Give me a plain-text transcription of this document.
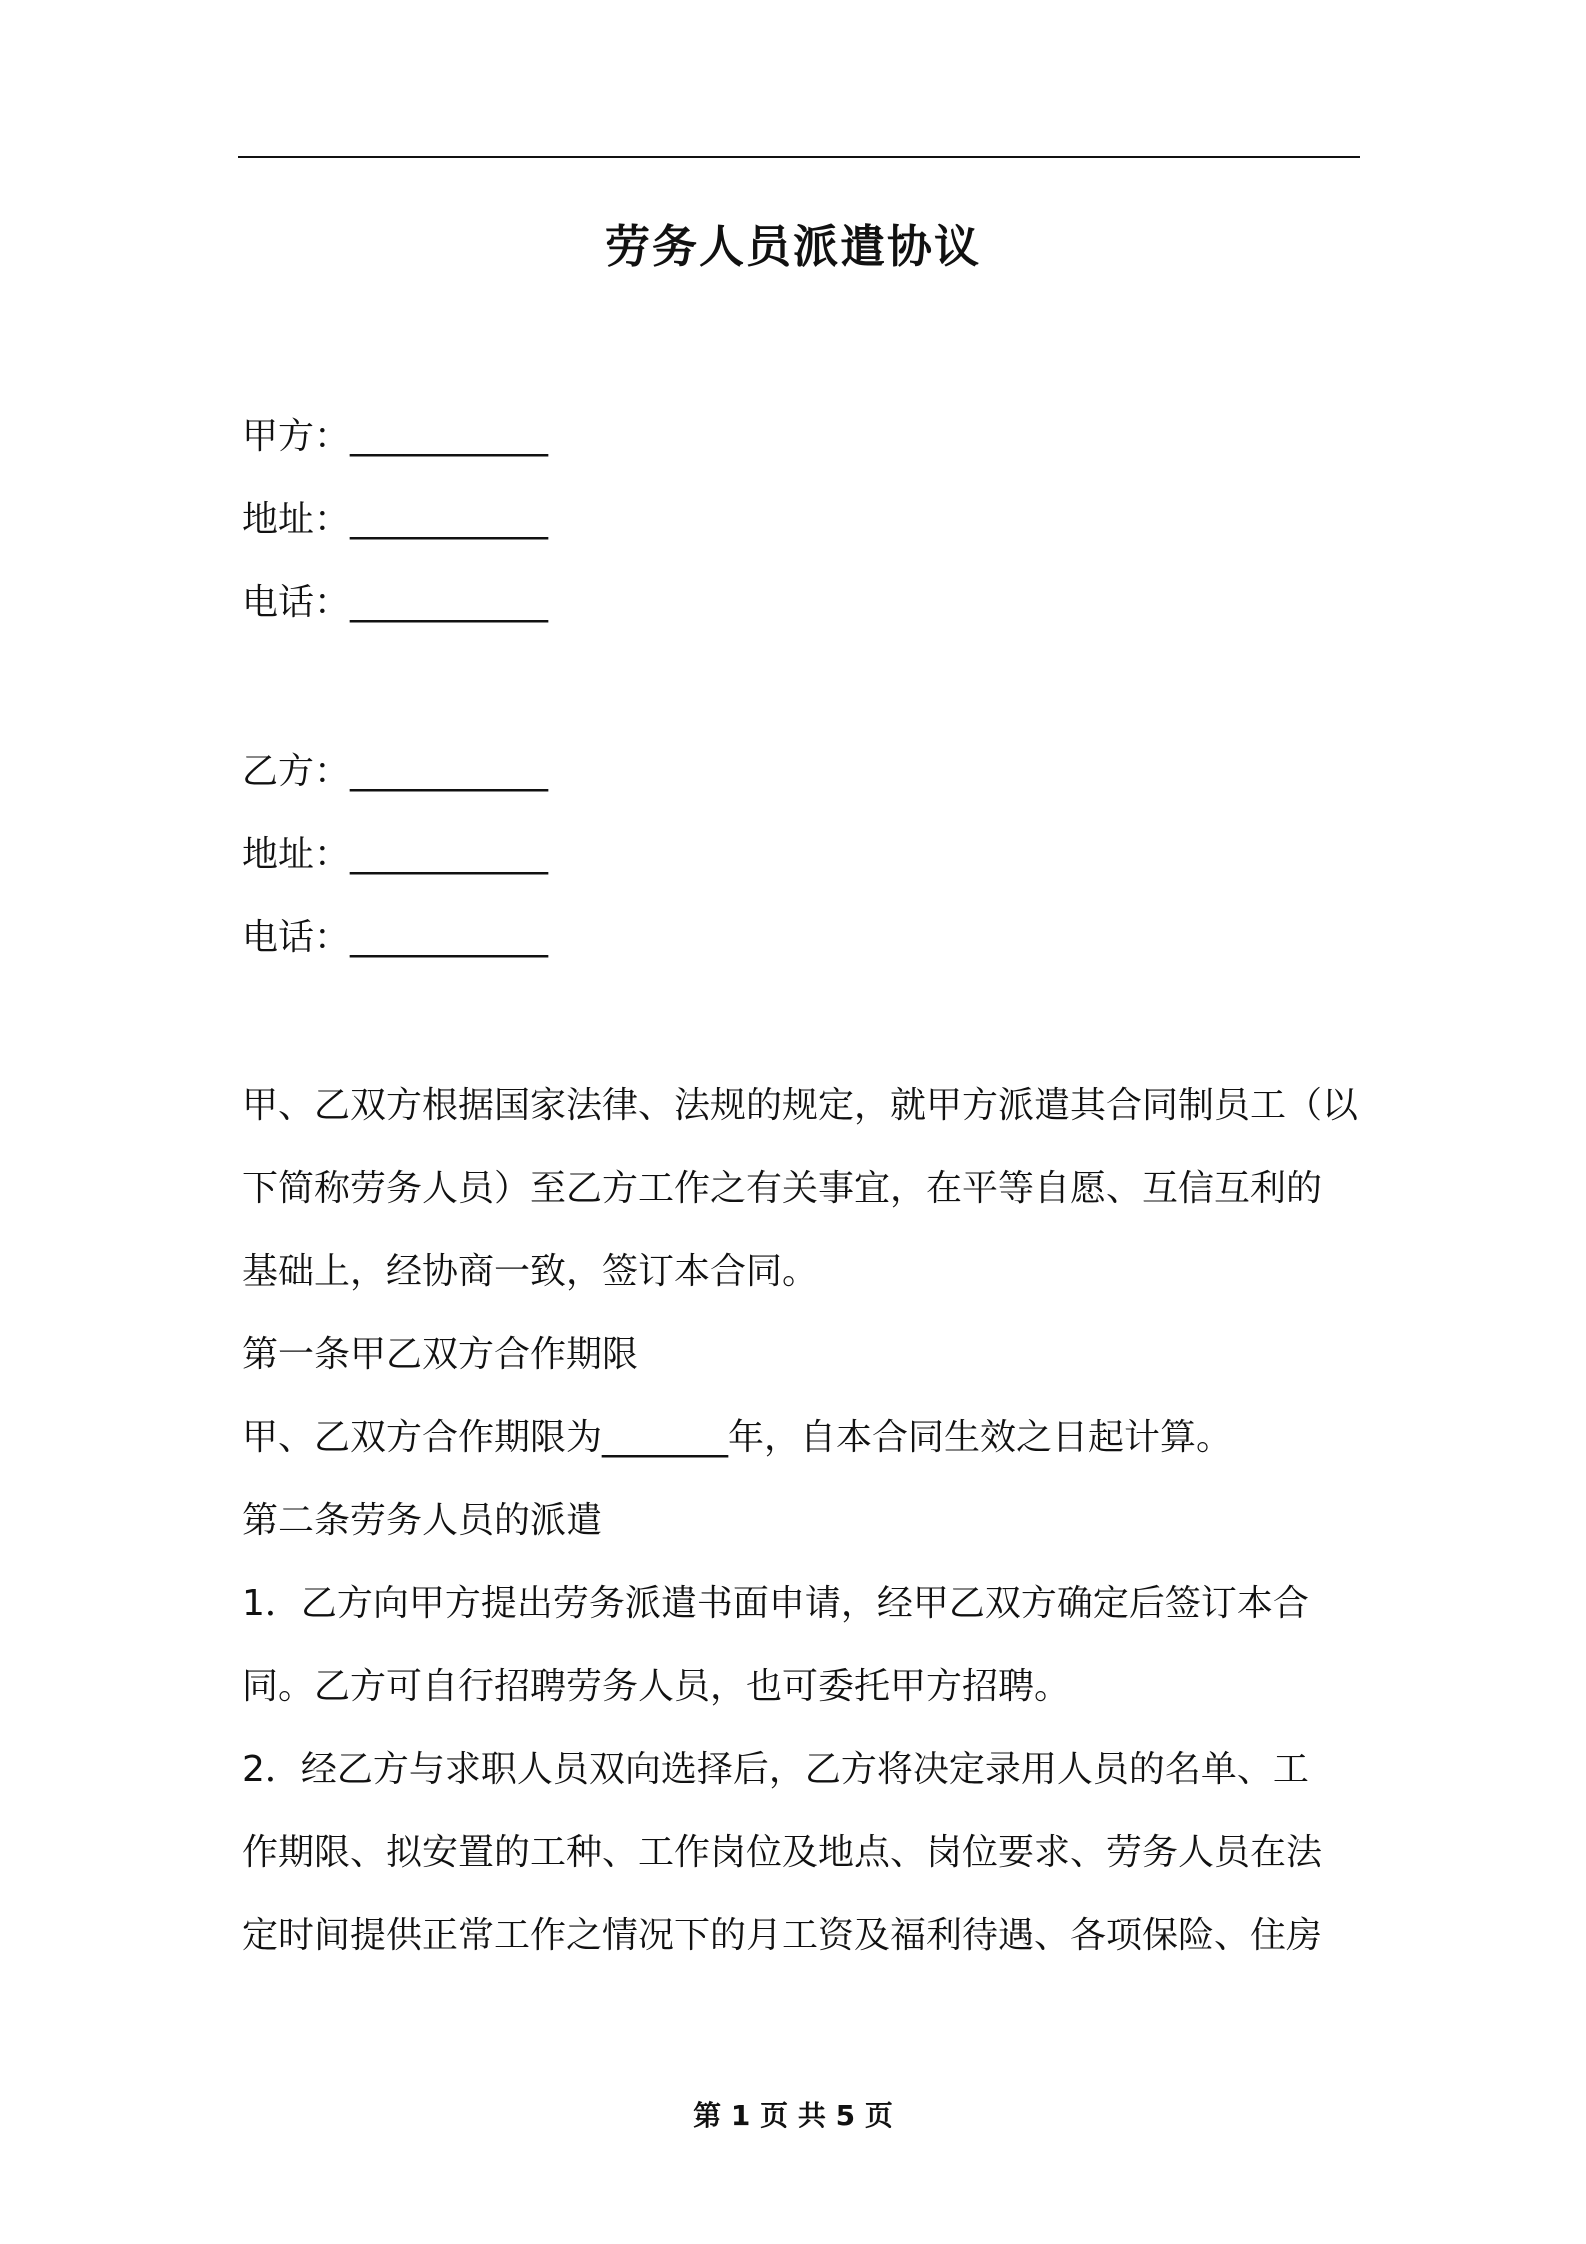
劳务人员派遣协议
甲方：___________
地址：___________
电话：___________
乙方：___________
地址：___________
电话：___________
甲、乙双方根据国家法律、法规的规定，就甲方派遣其合同制员工（以
下简称劳务人员）至乙方工作之有关事宜，在平等自愿、互信互利的
基础上，经协商一致，签订本合同。
第一条甲乙双方合作期限
甲、乙双方合作期限为_______年，自本合同生效之日起计算。
第二条劳务人员的派遣
1．乙方向甲方提出劳务派遣书面申请，经甲乙双方确定后签订本合
同。乙方可自行招聘劳务人员，也可委托甲方招聘。
2．经乙方与求职人员双向选择后，乙方将决定录用人员的名单、工
作期限、拟安置的工种、工作岗位及地点、岗位要求、劳务人员在法
定时间提供正常工作之情况下的月工资及福利待遇、各项保险、住房
第 1 页 共 5 页
